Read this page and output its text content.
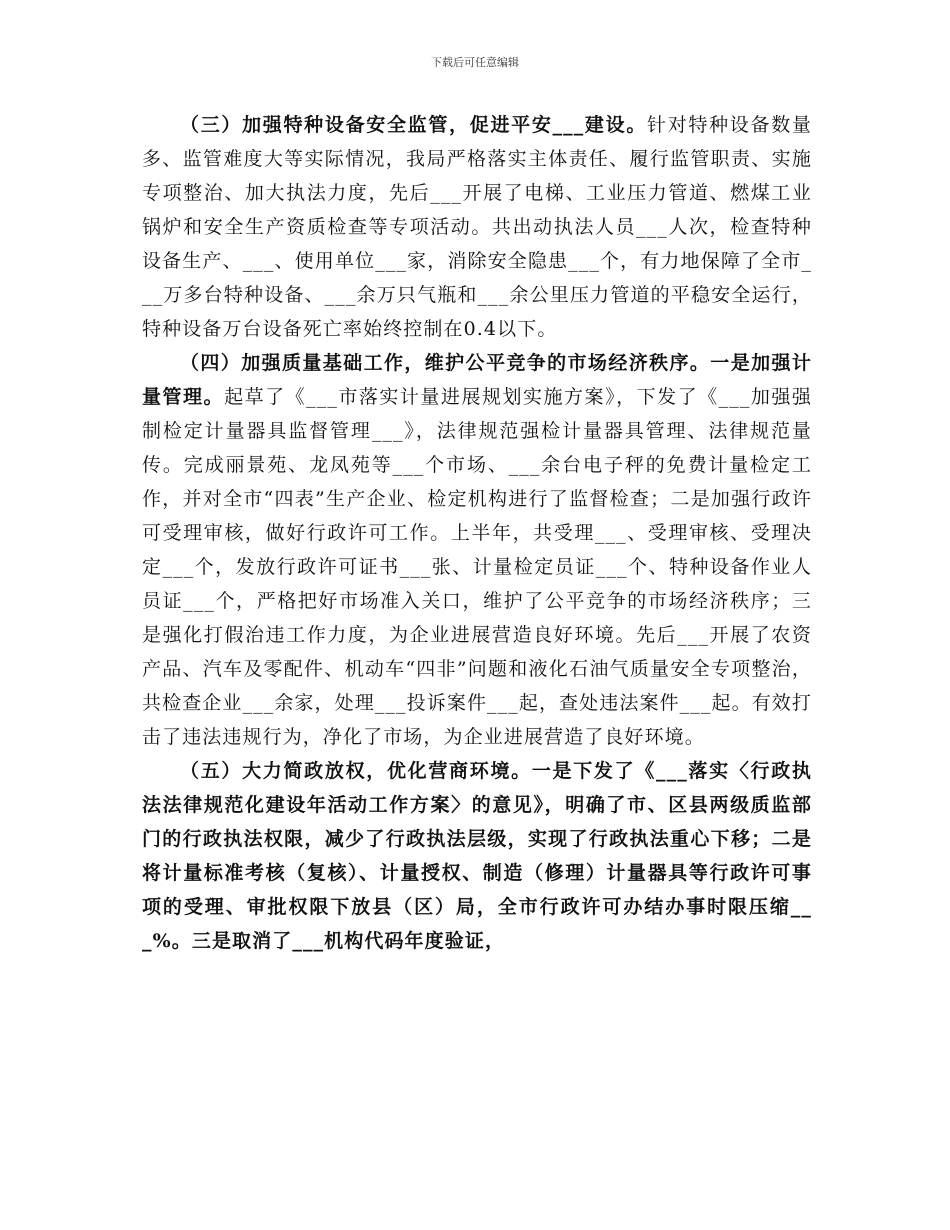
下载后可任意编辑

（三）加强特种设备安全监管，促进平安___建设。针对特种设备数量多、监管难度大等实际情况，我局严格落实主体责任、履行监管职责、实施专项整治、加大执法力度，先后___开展了电梯、工业压力管道、燃煤工业锅炉和安全生产资质检查等专项活动。共出动执法人员___人次，检查特种设备生产、___、使用单位___家，消除安全隐患___个，有力地保障了全市___万多台特种设备、___余万只气瓶和___余公里压力管道的平稳安全运行，特种设备万台设备死亡率始终控制在0.4以下。

（四）加强质量基础工作，维护公平竞争的市场经济秩序。一是加强计量管理。起草了《___市落实计量进展规划实施方案》，下发了《___加强强制检定计量器具监督管理___》，法律规范强检计量器具管理、法律规范量传。完成丽景苑、龙凤苑等___个市场、___余台电子秤的免费计量检定工作，并对全市“四表”生产企业、检定机构进行了监督检查；二是加强行政许可受理审核，做好行政许可工作。上半年，共受理___、受理审核、受理决定___个，发放行政许可证书___张、计量检定员证___个、特种设备作业人员证___个，严格把好市场准入关口，维护了公平竞争的市场经济秩序；三是强化打假治违工作力度，为企业进展营造良好环境。先后___开展了农资产品、汽车及零配件、机动车“四非”问题和液化石油气质量安全专项整治，共检查企业___余家，处理___投诉案件___起，查处违法案件___起。有效打击了违法违规行为，净化了市场，为企业进展营造了良好环境。

（五）大力简政放权，优化营商环境。一是下发了《___落实〈行政执法法律规范化建设年活动工作方案〉的意见》，明确了市、区县两级质监部门的行政执法权限，减少了行政执法层级，实现了行政执法重心下移；二是将计量标准考核（复核）、计量授权、制造（修理）计量器具等行政许可事项的受理、审批权限下放县（区）局，全市行政许可办结办事时限压缩___%。三是取消了___机构代码年度验证，
